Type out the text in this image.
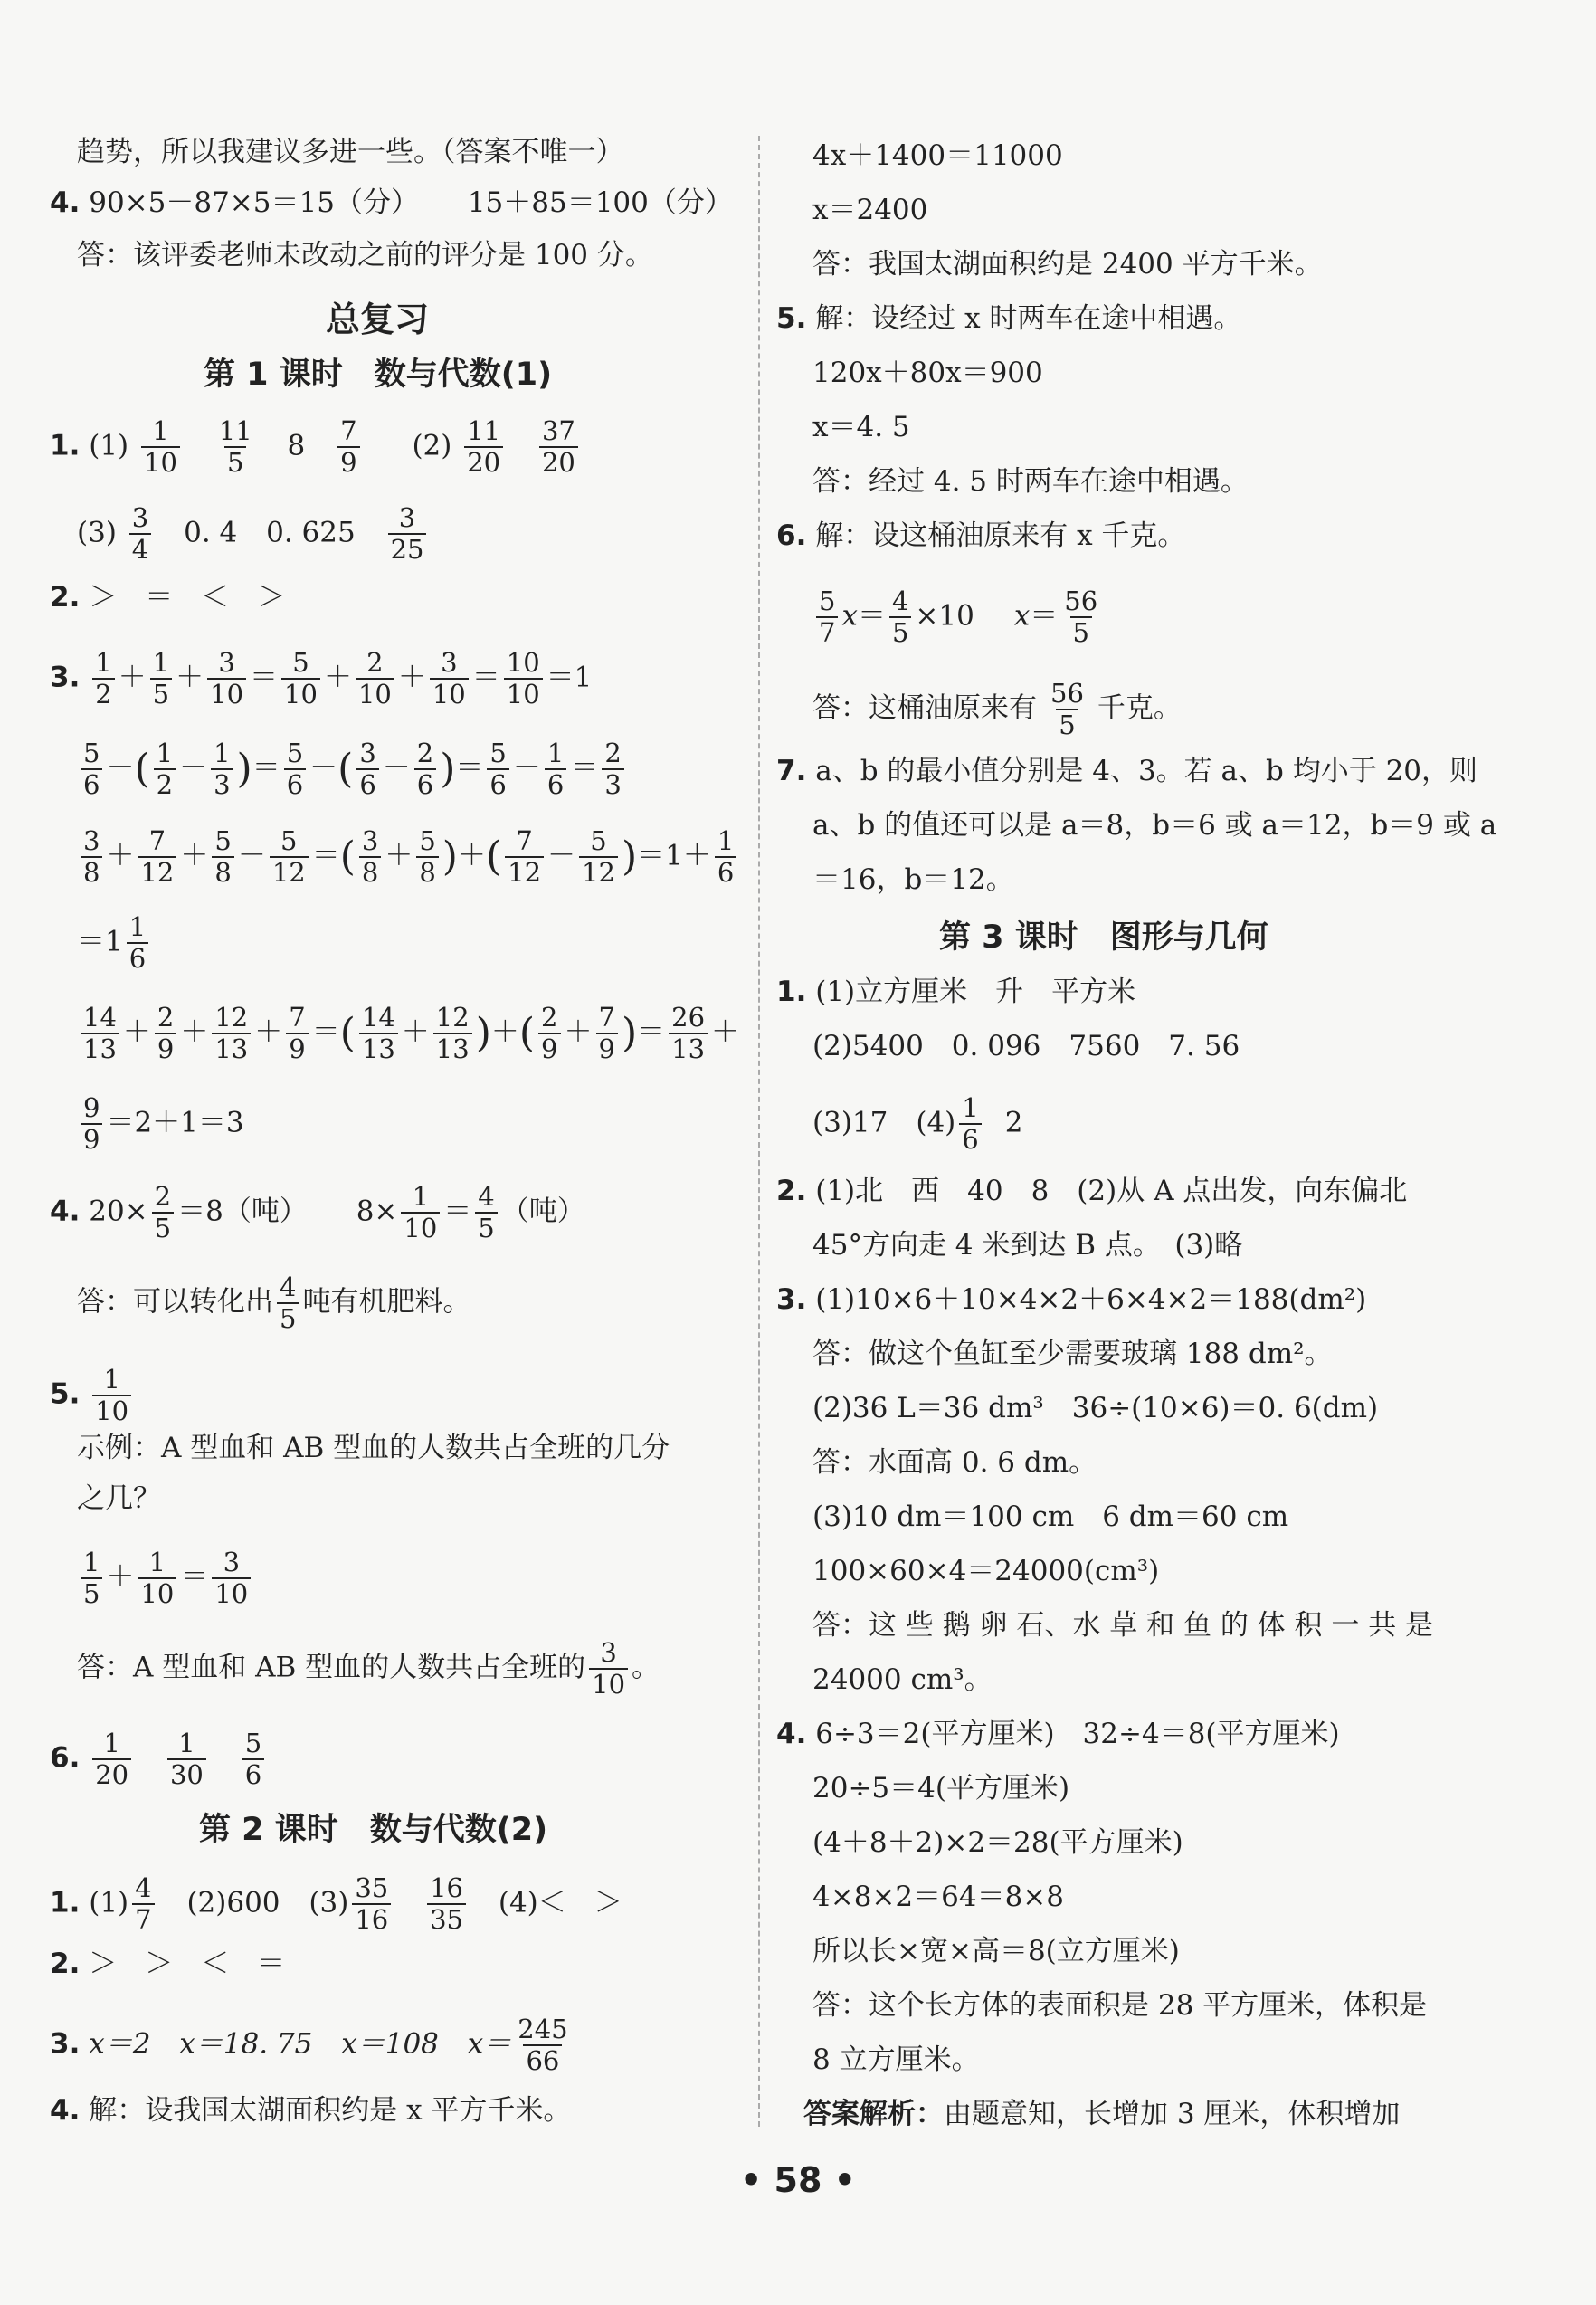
趋势，所以我建议多进一些。（答案不唯一）
4. 90×5－87×5＝15（分） 15＋85＝100（分）
答：该评委老师未改动之前的评分是 100 分。
总复习
第 1 课时　数与代数(1)
1. $(1) \frac{1}{10}$
$\frac{11}{5} 8 \frac{7}{9} (2) \frac{11}{20}$
$\frac{37}{20}$
$(3) \frac{3}{4} 0$. 4 0. $625 \frac{3}{25}$
2. ＞　＝　＜　＞
3. $\frac{1}{2} + \frac{1}{5} + \frac{3}{10} = \frac{5}{10} + \frac{2}{10} + \frac{3}{10} = \frac{10}{10} =1$
$\frac{5}{6}$ －( $\frac{1}{2} - \frac{1}{3}$ )＝ $\frac{5}{6}$ －( $\frac{3}{6} - \frac{2}{6}$ )＝ $\frac{5}{6} - \frac{1}{6} = \frac{2}{3}$
$\frac{3}{8} + \frac{7}{12} + \frac{5}{8} - \frac{5}{12}$ ＝( $\frac{3}{8} + \frac{5}{8}$ )＋( $\frac{7}{12} - \frac{5}{12} )=1+ \frac{1}{6}$
$=1 \frac{1}{6}$
$\frac{14}{13} + \frac{2}{9} + \frac{12}{13} + \frac{7}{9}$ ＝( $\frac{14}{13} + \frac{12}{13}$ )＋( $\frac{2}{9} + \frac{7}{9}$ )＝ $\frac{26}{13}$ ＋
$\frac{9}{9} =2+1=3$
4. $20\times \frac{2}{5} =8$（吨） $8\times \frac{1}{10} = \frac{4}{5}$ （吨）
答：可以转化出 $\frac{4}{5}$ 吨有机肥料。
5. $\frac{1}{10}$
示例：A 型血和 AB 型血的人数共占全班的几分
之几？
$\frac{1}{5} + \frac{1}{10} = \frac{3}{10}$
答：A 型血和 AB 型血的人数共占全班的 $\frac{3}{10}$ 。
6. $\frac{1}{20}$
$\frac{1}{30}$
$\frac{5}{6}$
第 2 课时　数与代数(2)
1. $(1) \frac{4}{7} (2)600$ $(3) \frac{35}{16}$
$\frac{16}{35} (4)<$　＞
2. ＞　＞　＜　＝
3. x＝2 x＝18. 75 x＝108 $x= \frac{245}{66}$
4. 解：设我国太湖面积约是 x 平方千米。
4x＋1400＝11000
x＝2400
答：我国太湖面积约是 2400 平方千米。
5. 解：设经过 x 时两车在途中相遇。
120x＋80x＝900
x＝4. 5
答：经过 4. 5 时两车在途中相遇。
6. 解：设这桶油原来有 x 千克。
$\frac{5}{7} x= \frac{4}{5} \times 10$ $x= \frac{56}{5}$
答：这桶油原来有 $\frac{56}{5}$ 千克。
7. a、b 的最小值分别是 4、3。若 a、b 均小于 20，则
a、b 的值还可以是 a＝8，b＝6 或 a＝12，b＝9 或 a
＝16，b＝12。
第 3 课时　图形与几何
1. (1)立方厘米　升　平方米
(2)5400　0. 096　7560　7. 56
(3)17　$(4) \frac{1}{6} 2$
2. (1)北　西　40　8　(2)从 A 点出发，向东偏北
45°方向走 4 米到达 B 点。　(3)略
3. (1)10×6＋10×4×2＋6×4×2＝188(dm²)
答：做这个鱼缸至少需要玻璃 188 dm²。
(2)36 L＝36 dm³　36÷(10×6)＝0. 6(dm)
答：水面高 0. 6 dm。
(3)10 dm＝100 cm　6 dm＝60 cm
100×60×4＝24000(cm³)
答：这 些 鹅 卵 石、水 草 和 鱼 的 体 积 一 共 是
24000 cm³。
4. 6÷3＝2(平方厘米)　32÷4＝8(平方厘米)
20÷5＝4(平方厘米)
(4＋8＋2)×2＝28(平方厘米)
4×8×2＝64＝8×8
所以长×宽×高＝8(立方厘米)
答：这个长方体的表面积是 28 平方厘米，体积是
8 立方厘米。
答案解析：由题意知，长增加 3 厘米，体积增加
• 58 •
